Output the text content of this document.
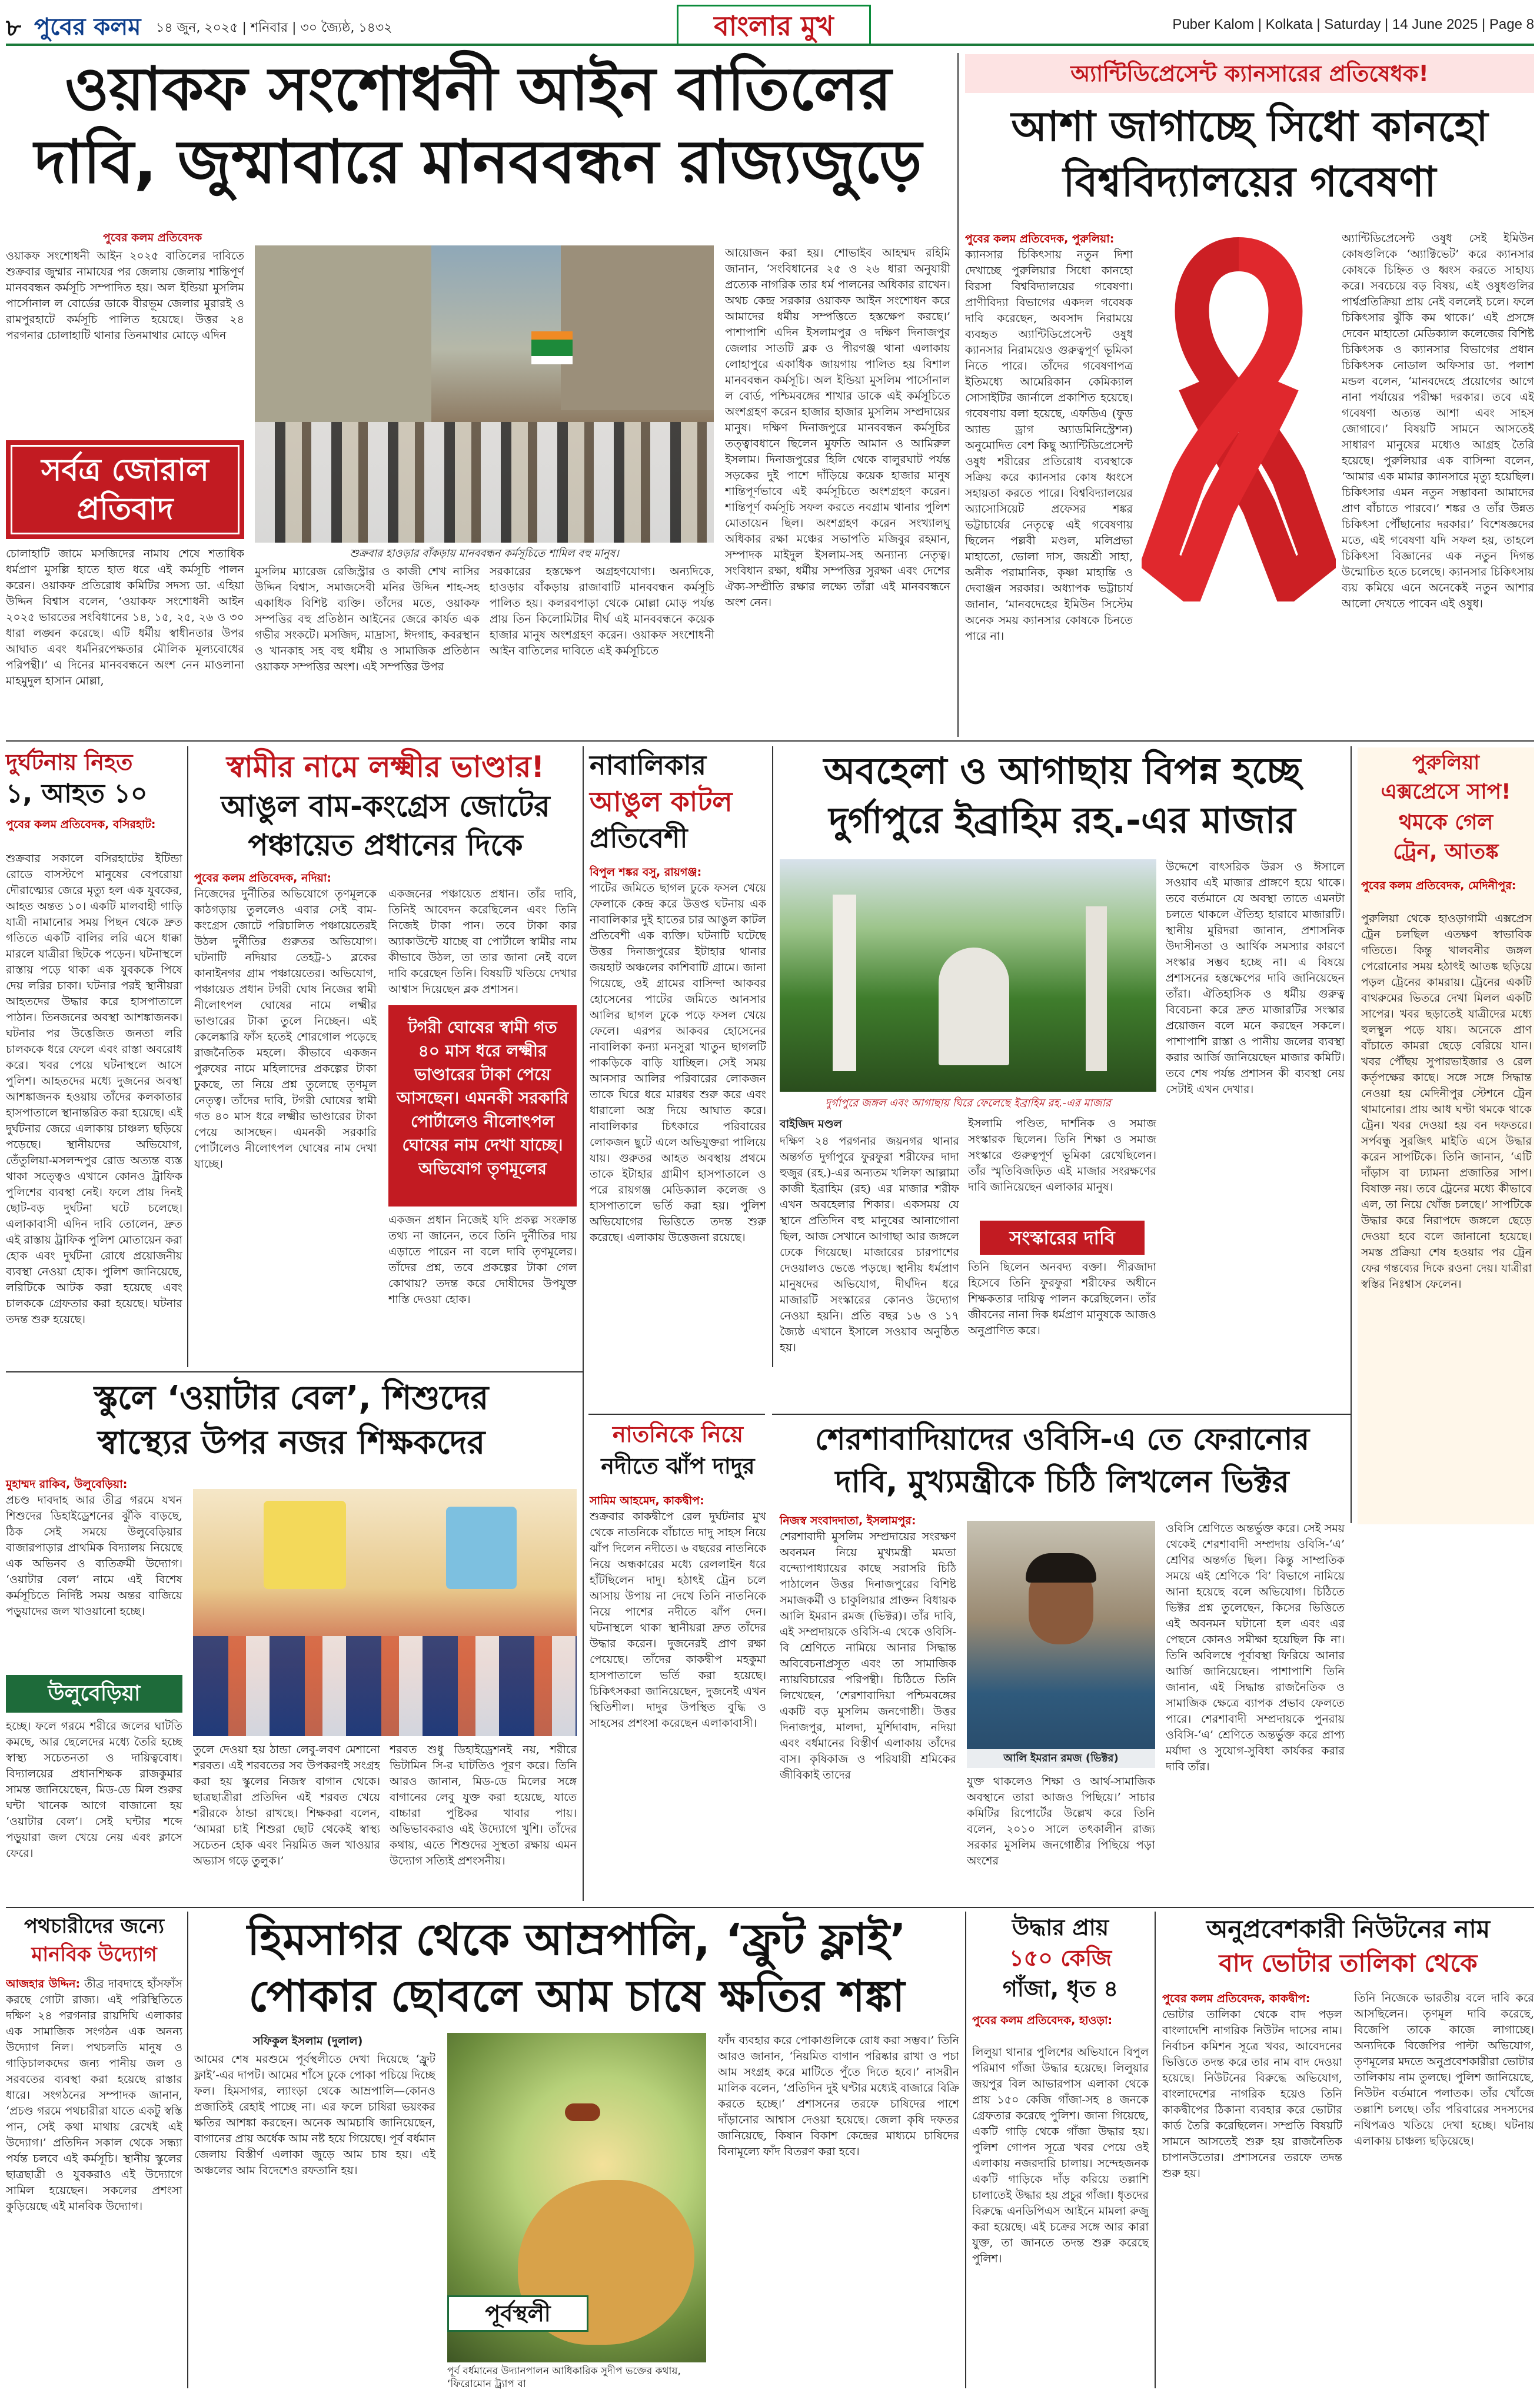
৮ পুবের কলম ১৪ জুন, ২০২৫ | শনিবার | ৩০ জ্যৈষ্ঠ, ১৪৩২	বাংলার মুখ	Puber Kalom | Kolkata | Saturday | 14 June 2025 | Page 8
ওয়াকফ সংশোধনী আইন বাতিলের
দাবি, জুম্মাবারে মানববন্ধন রাজ্যজুড়ে
পুবের কলম প্রতিবেদক
ওয়াকফ সংশোধনী আইন ২০২৫ বাতিলের দাবিতে শুক্রবার জুম্মার নামাযের পর জেলায় জেলায় শান্তিপূর্ণ মানববন্ধন কর্মসূচি সম্পাদিত হয়। অল ইন্ডিয়া মুসলিম পার্সোনাল ল বোর্ডের ডাকে বীরভূম জেলার মুরারই ও রামপুরহাটে কর্মসূচি পালিত হয়েছে। উত্তর ২৪ পরগনার চোলাহাটি থানার তিনমাথার মোড়ে এদিন
সর্বত্র জোরাল প্রতিবাদ
চোলাহাটি জামে মসজিদের নামায শেষে শতাধিক ধর্মপ্রাণ মুসল্লি হাতে হাত ধরে এই কর্মসূচি পালন করেন। ওয়াকফ প্রতিরোধ কমিটির সদস্য ডা. এহিয়া উদ্দিন বিশ্বাস বলেন, ‘ওয়াকফ সংশোধনী আইন ২০২৫ ভারতের সংবিধানের ১৪, ১৫, ২৫, ২৬ ও ৩০ ধারা লঙ্ঘন করেছে। এটি ধর্মীয় স্বাধীনতার উপর আঘাত এবং ধর্মনিরপেক্ষতার মৌলিক মূল্যবোধের পরিপন্থী।’ এ দিনের মানববন্ধনে অংশ নেন মাওলানা মাহমুদুল হাসান মোল্লা,
শুক্রবার হাওড়ার বাঁকড়ায় মানববন্ধন কর্মসূচিতে শামিল বহু মানুষ।
মুসলিম ম্যারেজ রেজিস্ট্রার ও কাজী শেখ নাসির উদ্দিন বিশ্বাস, সমাজসেবী মনির উদ্দিন শাহ-সহ একাধিক বিশিষ্ট ব্যক্তি। তাঁদের মতে, ওয়াকফ সম্পত্তির বহু প্রতিষ্ঠান আইনের জেরে কার্যত এক গভীর সংকটে। মসজিদ, মাদ্রাসা, ঈদগাহ, কবরস্থান ও খানকাহ সহ বহু ধর্মীয় ও সামাজিক প্রতিষ্ঠান ওয়াকফ সম্পত্তির অংশ। এই সম্পত্তির উপর
সরকারের হস্তক্ষেপ অগ্রহণযোগ্য। অন্যদিকে, হাওড়ার বাঁকড়ায় রাজাবাটি মানববন্ধন কর্মসূচি পালিত হয়। কলরবপাড়া থেকে মোল্লা মোড় পর্যন্ত প্রায় তিন কিলোমিটার দীর্ঘ এই মানববন্ধনে কয়েক হাজার মানুষ অংশগ্রহণ করেন। ওয়াকফ সংশোধনী আইন বাতিলের দাবিতে এই কর্মসূচিতে
আয়োজন করা হয়। শোভাইব আহম্মদ রহিমি জানান, ‘সংবিধানের ২৫ ও ২৬ ধারা অনুযায়ী প্রত্যেক নাগরিক তার ধর্ম পালনের অধিকার রাখেন। অথচ কেন্দ্র সরকার ওয়াকফ আইন সংশোধন করে আমাদের ধর্মীয় সম্পত্তিতে হস্তক্ষেপ করছে।’ পাশাপাশি এদিন ইসলামপুর ও দক্ষিণ দিনাজপুর জেলার সাতটি ব্লক ও পীরগঞ্জ থানা এলাকায় লোহাপুরে একাধিক জায়গায় পালিত হয় বিশাল মানববন্ধন কর্মসূচি। অল ইন্ডিয়া মুসলিম পার্সোনাল ল বোর্ড, পশ্চিমবঙ্গের শাখার ডাকে এই কর্মসূচিতে অংশগ্রহণ করেন হাজার হাজার মুসলিম সম্প্রদায়ের মানুষ। দক্ষিণ দিনাজপুরে মানববন্ধন কর্মসূচির তত্ত্বাবধানে ছিলেন মুফতি আমান ও আমিরুল ইসলাম। দিনাজপুরের হিলি থেকে বালুরঘাট পর্যন্ত সড়কের দুই পাশে দাঁড়িয়ে কয়েক হাজার মানুষ শান্তিপূর্ণভাবে এই কর্মসূচিতে অংশগ্রহণ করেন। শান্তিপূর্ণ কর্মসূচি সফল করতে নবগ্রাম থানার পুলিশ মোতায়েন ছিল। অংশগ্রহণ করেন সংখ্যালঘু অধিকার রক্ষা মঞ্চের সভাপতি মজিবুর রহমান, সম্পাদক মাইদুল ইসলাম-সহ অন্যান্য নেতৃত্ব। সংবিধান রক্ষা, ধর্মীয় সম্পত্তির সুরক্ষা এবং দেশের ঐক্য-সম্প্রীতি রক্ষার লক্ষ্যে তাঁরা এই মানববন্ধনে অংশ নেন।
অ্যান্টিডিপ্রেসেন্ট ক্যানসারের প্রতিষেধক!
আশা জাগাচ্ছে সিধো কানহো
বিশ্ববিদ্যালয়ের গবেষণা
পুবের কলম প্রতিবেদক, পুরুলিয়া:
ক্যানসার চিকিৎসায় নতুন দিশা দেখাচ্ছে পুরুলিয়ার সিধো কানহো বিরসা বিশ্ববিদ্যালয়ের গবেষণা। প্রাণীবিদ্যা বিভাগের একদল গবেষক দাবি করেছেন, অবসাদ নিরাময়ে ব্যবহৃত অ্যান্টিডিপ্রেসেন্ট ওষুধ ক্যানসার নিরাময়েও গুরুত্বপূর্ণ ভূমিকা নিতে পারে। তাঁদের গবেষণাপত্র ইতিমধ্যে আমেরিকান কেমিক্যাল সোসাইটির জার্নালে প্রকাশিত হয়েছে। গবেষণায় বলা হয়েছে, এফডিএ (ফুড অ্যান্ড ড্রাগ অ্যাডমিনিস্ট্রেশন) অনুমোদিত বেশ কিছু অ্যান্টিডিপ্রেসেন্ট ওষুধ শরীরের প্রতিরোধ ব্যবস্থাকে সক্রিয় করে ক্যানসার কোষ ধ্বংসে সহায়তা করতে পারে। বিশ্ববিদ্যালয়ের অ্যাসোসিয়েট প্রফেসর শঙ্কর ভট্টাচার্যের নেতৃত্বে এই গবেষণায় ছিলেন পল্লবী মণ্ডল, মলিপ্রভা মাহাতো, ভোলা দাস, জয়শ্রী সাহা, অনীক পরামানিক, কৃষ্ণা মাহান্তি ও দেবাঞ্জন সরকার। অধ্যাপক ভট্টাচার্য জানান, ‘মানবদেহের ইমিউন সিস্টেম অনেক সময় ক্যানসার কোষকে চিনতে পারে না।
অ্যান্টিডিপ্রেসেন্ট ওষুধ সেই ইমিউন কোষগুলিকে ‘অ্যাক্টিভেট’ করে ক্যানসার কোষকে চিহ্নিত ও ধ্বংস করতে সাহায্য করে। সবচেয়ে বড় বিষয়, এই ওষুধগুলির পার্শ্বপ্রতিক্রিয়া প্রায় নেই বললেই চলে। ফলে চিকিৎসার ঝুঁকি কম থাকে।’ এই প্রসঙ্গে দেবেন মাহাতো মেডিক্যাল কলেজের বিশিষ্ট চিকিৎসক ও ক্যানসার বিভাগের প্রধান চিকিৎসক নোডাল অফিসার ডা. পলাশ মন্ডল বলেন, ‘মানবদেহে প্রয়োগের আগে নানা পর্যায়ের পরীক্ষা দরকার। তবে এই গবেষণা অত্যন্ত আশা এবং সাহস জোগাবে।’ বিষয়টি সামনে আসতেই সাধারণ মানুষের মধ্যেও আগ্রহ তৈরি হয়েছে। পুরুলিয়ার এক বাসিন্দা বলেন, ‘আমার এক মামার ক্যানসারে মৃত্যু হয়েছিল। চিকিৎসার এমন নতুন সম্ভাবনা আমাদের প্রাণ বাঁচাতে পারবে।’ শঙ্কর ও তাঁর উন্নত চিকিৎসা পৌঁছানোর দরকার।’ বিশেষজ্ঞদের মতে, এই গবেষণা যদি সফল হয়, তাহলে চিকিৎসা বিজ্ঞানের এক নতুন দিগন্ত উন্মোচিত হতে চলেছে। ক্যানসার চিকিৎসায় ব্যয় কমিয়ে এনে অনেকেই নতুন আশার আলো দেখতে পাবেন এই ওষুধ।
দুর্ঘটনায় নিহত
১, আহত ১০
পুবের কলম প্রতিবেদক, বসিরহাট:
শুক্রবার সকালে বসিরহাটের ইটিন্ডা রোডে বাসস্টপে মানুষের বেপরোয়া দৌরাত্ম্যের জেরে মৃত্যু হল এক যুবকের, আহত অন্তত ১০। একটি মালবাহী গাড়ি যাত্রী নামানোর সময় পিছন থেকে দ্রুত গতিতে একটি বালির লরি এসে ধাক্কা মারলে যাত্রীরা ছিটকে পড়েন। ঘটনাস্থলে রাস্তায় পড়ে থাকা এক যুবককে পিষে দেয় লরির চাকা। ঘটনার পরই স্থানীয়রা আহতদের উদ্ধার করে হাসপাতালে পাঠান। তিনজনের অবস্থা আশঙ্কাজনক। ঘটনার পর উত্তেজিত জনতা লরি চালককে ধরে ফেলে এবং রাস্তা অবরোধ করে। খবর পেয়ে ঘটনাস্থলে আসে পুলিশ। আহতদের মধ্যে দুজনের অবস্থা আশঙ্কাজনক হওয়ায় তাঁদের কলকাতার হাসপাতালে স্থানান্তরিত করা হয়েছে। এই দুর্ঘটনার জেরে এলাকায় চাঞ্চল্য ছড়িয়ে পড়েছে। স্থানীয়দের অভিযোগ, তেঁতুলিয়া-মসলন্দপুর রোড অত্যন্ত ব্যস্ত থাকা সত্ত্বেও এখানে কোনও ট্রাফিক পুলিশের ব্যবস্থা নেই। ফলে প্রায় দিনই ছোট-বড় দুর্ঘটনা ঘটে চলেছে। এলাকাবাসী এদিন দাবি তোলেন, দ্রুত এই রাস্তায় ট্রাফিক পুলিশ মোতায়েন করা হোক এবং দুর্ঘটনা রোধে প্রয়োজনীয় ব্যবস্থা নেওয়া হোক। পুলিশ জানিয়েছে, লরিটিকে আটক করা হয়েছে এবং চালককে গ্রেফতার করা হয়েছে। ঘটনার তদন্ত শুরু হয়েছে।
স্বামীর নামে লক্ষ্মীর ভাণ্ডার!
আঙুল বাম-কংগ্রেস জোটের
পঞ্চায়েত প্রধানের দিকে
পুবের কলম প্রতিবেদক, নদিয়া:
নিজেদের দুর্নীতির অভিযোগে তৃণমূলকে কাঠগড়ায় তুললেও এবার সেই বাম-কংগ্রেস জোটে পরিচালিত পঞ্চায়েতেরই উঠল দুর্নীতির গুরুতর অভিযোগ। ঘটনাটি নদিয়ার তেহট্ট-১ ব্লকের কানাইনগর গ্রাম পঞ্চায়েতের। অভিযোগ, পঞ্চায়েত প্রধান টগরী ঘোষ নিজের স্বামী নীলোৎপল ঘোষের নামে লক্ষ্মীর ভাণ্ডারের টাকা তুলে নিচ্ছেন। এই কেলেঙ্কারি ফাঁস হতেই শোরগোল পড়েছে রাজনৈতিক মহলে। কীভাবে একজন পুরুষের নামে মহিলাদের প্রকল্পের টাকা ঢুকছে, তা নিয়ে প্রশ্ন তুলেছে তৃণমূল নেতৃত্ব। তাঁদের দাবি, টগরী ঘোষের স্বামী গত ৪০ মাস ধরে লক্ষ্মীর ভাণ্ডারের টাকা পেয়ে আসছেন। এমনকী সরকারি পোর্টালেও নীলোৎপল ঘোষের নাম দেখা যাচ্ছে।
একজনের পঞ্চায়েত প্রধান। তাঁর দাবি, তিনিই আবেদন করেছিলেন এবং তিনি নিজেই টাকা পান। তবে টাকা কার অ্যাকাউন্টে যাচ্ছে বা পোর্টালে স্বামীর নাম কীভাবে উঠল, তা তার জানা নেই বলে দাবি করেছেন তিনি। বিষয়টি খতিয়ে দেখার আশ্বাস দিয়েছেন ব্লক প্রশাসন।
টগরী ঘোষের স্বামী গত ৪০ মাস ধরে লক্ষ্মীর ভাণ্ডারের টাকা পেয়ে আসছেন। এমনকী সরকারি পোর্টালেও নীলোৎপল ঘোষের নাম দেখা যাচ্ছে। অভিযোগ তৃণমূলের
একজন প্রধান নিজেই যদি প্রকল্প সংক্রান্ত তথ্য না জানেন, তবে তিনি দুর্নীতির দায় এড়াতে পারেন না বলে দাবি তৃণমূলের। তাঁদের প্রশ্ন, তবে প্রকল্পের টাকা গেল কোথায়? তদন্ত করে দোষীদের উপযুক্ত শাস্তি দেওয়া হোক।
নাবালিকার
আঙুল কাটল
প্রতিবেশী
বিপুল শঙ্কর বসু, রায়গঞ্জ:
পাটের জমিতে ছাগল ঢুকে ফসল খেয়ে ফেলাকে কেন্দ্র করে উত্তপ্ত ঘটনায় এক নাবালিকার দুই হাতের চার আঙুল কাটল প্রতিবেশী এক ব্যক্তি। ঘটনাটি ঘটেছে উত্তর দিনাজপুরের ইটাহার থানার জয়হাট অঞ্চলের কাশিবাটি গ্রামে। জানা গিয়েছে, ওই গ্রামের বাসিন্দা আকবর হোসেনের পাটের জমিতে আনসার আলির ছাগল ঢুকে পড়ে ফসল খেয়ে ফেলে। এরপর আকবর হোসেনের নাবালিকা কন্যা মনসুরা খাতুন ছাগলটি পাকড়িকে বাড়ি যাচ্ছিল। সেই সময় আনসার আলির পরিবারের লোকজন তাকে ঘিরে ধরে মারধর শুরু করে এবং ধারালো অস্ত্র দিয়ে আঘাত করে। নাবালিকার চিৎকারে পরিবারের লোকজন ছুটে এলে অভিযুক্তরা পালিয়ে যায়। গুরুতর আহত অবস্থায় প্রথমে তাকে ইটাহার গ্রামীণ হাসপাতালে ও পরে রায়গঞ্জ মেডিক্যাল কলেজ ও হাসপাতালে ভর্তি করা হয়। পুলিশ অভিযোগের ভিত্তিতে তদন্ত শুরু করেছে। এলাকায় উত্তেজনা রয়েছে।
অবহেলা ও আগাছায় বিপন্ন হচ্ছে
দুর্গাপুরে ইব্রাহিম রহ.-এর মাজার
দুর্গাপুরে জঙ্গল এবং আগাছায় ঘিরে ফেলেছে ইব্রাহিম রহ.-এর মাজার
বাইজিদ মণ্ডল
দক্ষিণ ২৪ পরগনার জয়নগর থানার অন্তর্গত দুর্গাপুরে ফুরফুরা শরীফের দাদা হুজুর (রহ.)-এর অন্যতম খলিফা আল্লামা কাজী ইব্রাহিম (রহ) এর মাজার শরীফ এখন অবহেলার শিকার। একসময় যে স্থানে প্রতিদিন বহু মানুষের আনাগোনা ছিল, আজ সেখানে আগাছা আর জঙ্গলে ঢেকে গিয়েছে। মাজারের চারপাশের দেওয়ালও ভেঙে পড়ছে। স্থানীয় ধর্মপ্রাণ মানুষদের অভিযোগ, দীর্ঘদিন ধরে মাজারটি সংস্কারের কোনও উদ্যোগ নেওয়া হয়নি। প্রতি বছর ১৬ ও ১৭ জ্যৈষ্ঠ এখানে ইসালে সওয়াব অনুষ্ঠিত হয়।
ইসলামি পণ্ডিত, দার্শনিক ও সমাজ সংস্কারক ছিলেন। তিনি শিক্ষা ও সমাজ সংস্কারে গুরুত্বপূর্ণ ভূমিকা রেখেছিলেন। তাঁর স্মৃতিবিজড়িত এই মাজার সংরক্ষণের দাবি জানিয়েছেন এলাকার মানুষ।
সংস্কারের দাবি
তিনি ছিলেন অনবদ্য বক্তা। পীরজাদা হিসেবে তিনি ফুরফুরা শরীফের অধীনে শিক্ষকতার দায়িত্ব পালন করেছিলেন। তাঁর জীবনের নানা দিক ধর্মপ্রাণ মানুষকে আজও অনুপ্রাণিত করে।
উদ্দেশে বাৎসরিক উরস ও ঈসালে সওয়াব এই মাজার প্রাঙ্গণে হয়ে থাকে। তবে বর্তমানে যে অবস্থা তাতে এমনটা চলতে থাকলে ঐতিহ্য হারাবে মাজারটি। স্থানীয় মুরিদরা জানান, প্রশাসনিক উদাসীনতা ও আর্থিক সমস্যার কারণে সংস্কার সম্ভব হচ্ছে না। এ বিষয়ে প্রশাসনের হস্তক্ষেপের দাবি জানিয়েছেন তাঁরা। ঐতিহাসিক ও ধর্মীয় গুরুত্ব বিবেচনা করে দ্রুত মাজারটির সংস্কার প্রয়োজন বলে মনে করছেন সকলে। পাশাপাশি রাস্তা ও পানীয় জলের ব্যবস্থা করার আর্জি জানিয়েছেন মাজার কমিটি। তবে শেষ পর্যন্ত প্রশাসন কী ব্যবস্থা নেয় সেটাই এখন দেখার।
পুরুলিয়া
এক্সপ্রেসে সাপ!
থমকে গেল
ট্রেন, আতঙ্ক
পুবের কলম প্রতিবেদক, মেদিনীপুর:
পুরুলিয়া থেকে হাওড়াগামী এক্সপ্রেস ট্রেন চলছিল এতক্ষণ স্বাভাবিক গতিতে। কিন্তু খালবনীর জঙ্গল পেরোনোর সময় হঠাৎই আতঙ্ক ছড়িয়ে পড়ল ট্রেনের কামরায়। ট্রেনের একটি বাথরুমের ভিতরে দেখা মিলল একটি সাপের। খবর ছড়াতেই যাত্রীদের মধ্যে হুলস্থুল পড়ে যায়। অনেকে প্রাণ বাঁচাতে কামরা ছেড়ে বেরিয়ে যান। খবর পৌঁছয় সুপারভাইজার ও রেল কর্তৃপক্ষের কাছে। সঙ্গে সঙ্গে সিদ্ধান্ত নেওয়া হয় মেদিনীপুর স্টেশনে ট্রেন থামানোর। প্রায় আধ ঘণ্টা থমকে থাকে ট্রেন। খবর দেওয়া হয় বন দফতরে। সর্পবন্ধু সুরজিৎ মাইতি এসে উদ্ধার করেন সাপটিকে। তিনি জানান, ‘এটি দাঁড়াস বা ঢ্যামনা প্রজাতির সাপ। বিষাক্ত নয়। তবে ট্রেনের মধ্যে কীভাবে এল, তা নিয়ে খোঁজ চলছে।’ সাপটিকে উদ্ধার করে নিরাপদে জঙ্গলে ছেড়ে দেওয়া হবে বলে জানানো হয়েছে। সমস্ত প্রক্রিয়া শেষ হওয়ার পর ট্রেন ফের গন্তব্যের দিকে রওনা দেয়। যাত্রীরা স্বস্তির নিঃশ্বাস ফেলেন।
স্কুলে ‘ওয়াটার বেল’, শিশুদের
স্বাস্থ্যের উপর নজর শিক্ষকদের
মুহাম্মদ রাকিব, উলুবেড়িয়া:
প্রচণ্ড দাবদাহ আর তীব্র গরমে যখন শিশুদের ডিহাইড্রেশনের ঝুঁকি বাড়ছে, ঠিক সেই সময়ে উলুবেড়িয়ার বাজারপাড়ার প্রাথমিক বিদ্যালয় নিয়েছে এক অভিনব ও ব্যতিক্রমী উদ্যোগ। ‘ওয়াটার বেল’ নামে এই বিশেষ কর্মসূচিতে নির্দিষ্ট সময় অন্তর বাজিয়ে পড়ুয়াদের জল খাওয়ানো হচ্ছে।
উলুবেড়িয়া
হচ্ছে। ফলে গরমে শরীরে জলের ঘাটতি কমছে, আর ছেলেদের মধ্যে তৈরি হচ্ছে স্বাস্থ্য সচেতনতা ও দায়িত্ববোধ। বিদ্যালয়ের প্রধানশিক্ষক রাজকুমার সামন্ত জানিয়েছেন, মিড-ডে মিল শুরুর ঘন্টা খানেক আগে বাজানো হয় ‘ওয়াটার বেল’। সেই ঘন্টার শব্দে পড়ুয়ারা জল খেয়ে নেয় এবং ক্লাসে ফেরে।
তুলে দেওয়া হয় ঠান্ডা লেবু-লবণ মেশানো শরবত। এই শরবতের সব উপকরণই সংগ্রহ করা হয় স্কুলের নিজস্ব বাগান থেকে। ছাত্রছাত্রীরা প্রতিদিন এই শরবত খেয়ে শরীরকে ঠান্ডা রাখছে। শিক্ষকরা বলেন, ‘আমরা চাই শিশুরা ছোট থেকেই স্বাস্থ্য সচেতন হোক এবং নিয়মিত জল খাওয়ার অভ্যাস গড়ে তুলুক।’
শরবত শুধু ডিহাইড্রেশনই নয়, শরীরে ভিটামিন সি-র ঘাটতিও পূরণ করে। তিনি আরও জানান, মিড-ডে মিলের সঙ্গে বাগানের লেবু যুক্ত করা হয়েছে, যাতে বাচ্চারা পুষ্টিকর খাবার পায়। অভিভাবকরাও এই উদ্যোগে খুশি। তাঁদের কথায়, এতে শিশুদের সুস্থতা রক্ষায় এমন উদ্যোগ সত্যিই প্রশংসনীয়।
নাতনিকে নিয়ে
নদীতে ঝাঁপ দাদুর
সামিম আহমেদ, কাকদ্বীপ:
শুক্রবার কাকদ্বীপে রেল দুর্ঘটনার মুখ থেকে নাতনিকে বাঁচাতে দাদু সাহস নিয়ে ঝাঁপ দিলেন নদীতে। ৬ বছরের নাতনিকে নিয়ে অন্ধকারের মধ্যে রেললাইন ধরে হাঁটছিলেন দাদু। হঠাৎই ট্রেন চলে আসায় উপায় না দেখে তিনি নাতনিকে নিয়ে পাশের নদীতে ঝাঁপ দেন। ঘটনাস্থলে থাকা স্থানীয়রা দ্রুত তাঁদের উদ্ধার করেন। দুজনেরই প্রাণ রক্ষা পেয়েছে। তাঁদের কাকদ্বীপ মহকুমা হাসপাতালে ভর্তি করা হয়েছে। চিকিৎসকরা জানিয়েছেন, দুজনেই এখন স্থিতিশীল। দাদুর উপস্থিত বুদ্ধি ও সাহসের প্রশংসা করেছেন এলাকাবাসী।
শেরশাবাদিয়াদের ওবিসি-এ তে ফেরানোর
দাবি, মুখ্যমন্ত্রীকে চিঠি লিখলেন ভিক্টর
নিজস্ব সংবাদদাতা, ইসলামপুর:
শেরশাবাদী মুসলিম সম্প্রদায়ের সংরক্ষণ অবনমন নিয়ে মুখ্যমন্ত্রী মমতা বন্দ্যোপাধ্যায়ের কাছে সরাসরি চিঠি পাঠালেন উত্তর দিনাজপুরের বিশিষ্ট সমাজকর্মী ও চাকুলিয়ার প্রাক্তন বিধায়ক আলি ইমরান রমজ (ভিক্টর)। তাঁর দাবি, এই সম্প্রদায়কে ওবিসি-এ থেকে ওবিসি-বি শ্রেণিতে নামিয়ে আনার সিদ্ধান্ত অবিবেচনাপ্রসূত এবং তা সামাজিক ন্যায়বিচারের পরিপন্থী। চিঠিতে তিনি লিখেছেন, ‘শেরশাবাদিয়া পশ্চিমবঙ্গের একটি বড় মুসলিম জনগোষ্ঠী। উত্তর দিনাজপুর, মালদা, মুর্শিদাবাদ, নদিয়া এবং বর্ধমানের বিস্তীর্ণ এলাকায় তাঁদের বাস। কৃষিকাজ ও পরিযায়ী শ্রমিকের জীবিকাই তাদের
আলি ইমরান রমজ (ভিক্টর)
যুক্ত থাকলেও শিক্ষা ও আর্থ-সামাজিক অবস্থানে তারা আজও পিছিয়ে।’ সাচার কমিটির রিপোর্টের উল্লেখ করে তিনি বলেন, ২০১০ সালে তৎকালীন রাজ্য সরকার মুসলিম জনগোষ্ঠীর পিছিয়ে পড়া অংশের
ওবিসি শ্রেণিতে অন্তর্ভুক্ত করে। সেই সময় থেকেই শেরশাবাদী সম্প্রদায় ওবিসি-‘এ’ শ্রেণির অন্তর্গত ছিল। কিন্তু সাম্প্রতিক সময়ে এই শ্রেণিকে ‘বি’ বিভাগে নামিয়ে আনা হয়েছে বলে অভিযোগ। চিঠিতে ভিক্টর প্রশ্ন তুলেছেন, কিসের ভিত্তিতে এই অবনমন ঘটানো হল এবং এর পেছনে কোনও সমীক্ষা হয়েছিল কি না। তিনি অবিলম্বে পূর্বাবস্থা ফিরিয়ে আনার আর্জি জানিয়েছেন। পাশাপাশি তিনি জানান, এই সিদ্ধান্ত রাজনৈতিক ও সামাজিক ক্ষেত্রে ব্যাপক প্রভাব ফেলতে পারে। শেরশাবাদী সম্প্রদায়কে পুনরায় ওবিসি-‘এ’ শ্রেণিতে অন্তর্ভুক্ত করে প্রাপ্য মর্যাদা ও সুযোগ-সুবিধা কার্যকর করার দাবি তাঁর।
পথচারীদের জন্যে
মানবিক উদ্যোগ
আজহার উদ্দিন: তীব্র দাবদাহে হাঁসফাঁস করছে গোটা রাজ্য। এই পরিস্থিতিতে দক্ষিণ ২৪ পরগনার রায়দিঘি এলাকার এক সামাজিক সংগঠন এক অনন্য উদ্যোগ নিল। পথচলতি মানুষ ও গাড়িচালকদের জন্য পানীয় জল ও সরবতের ব্যবস্থা করা হয়েছে রাস্তার ধারে। সংগঠনের সম্পাদক জানান, ‘প্রচণ্ড গরমে পথচারীরা যাতে একটু স্বস্তি পান, সেই কথা মাথায় রেখেই এই উদ্যোগ।’ প্রতিদিন সকাল থেকে সন্ধ্যা পর্যন্ত চলবে এই কর্মসূচি। স্থানীয় স্কুলের ছাত্রছাত্রী ও যুবকরাও এই উদ্যোগে সামিল হয়েছেন। সকলের প্রশংসা কুড়িয়েছে এই মানবিক উদ্যোগ।
হিমসাগর থেকে আম্রপালি, ‘ফ্রুট ফ্লাই’
পোকার ছোবলে আম চাষে ক্ষতির শঙ্কা
সফিকুল ইসলাম (দুলাল)
আমের শেষ মরশুমে পূর্বস্থলীতে দেখা দিয়েছে ‘ফ্রুট ফ্লাই’-এর দাপট। আমের শাঁসে ঢুকে পোকা পচিয়ে দিচ্ছে ফল। হিমসাগর, ল্যাংড়া থেকে আম্রপালি—কোনও প্রজাতিই রেহাই পাচ্ছে না। এর ফলে চাষিরা ভয়ংকর ক্ষতির আশঙ্কা করছেন। অনেক আমচাষি জানিয়েছেন, বাগানের প্রায় অর্ধেক আম নষ্ট হয়ে গিয়েছে। পূর্ব বর্ধমান জেলায় বিস্তীর্ণ এলাকা জুড়ে আম চাষ হয়। এই অঞ্চলের আম বিদেশেও রফতানি হয়।
পূর্বস্থলী
পূর্ব বর্ধমানের উদ্যানপালন আধিকারিক সুদীপ ভক্তের কথায়, ‘ফিরোমোন ট্র্যাপ বা
ফাঁদ ব্যবহার করে পোকাগুলিকে রোধ করা সম্ভব।’ তিনি আরও জানান, ‘নিয়মিত বাগান পরিষ্কার রাখা ও পচা আম সংগ্রহ করে মাটিতে পুঁতে দিতে হবে।’ নাসরীন মালিক বলেন, ‘প্রতিদিন দুই ঘণ্টার মধ্যেই বাজারে বিক্রি করতে হচ্ছে।’ প্রশাসনের তরফে চাষিদের পাশে দাঁড়ানোর আশ্বাস দেওয়া হয়েছে। জেলা কৃষি দফতর জানিয়েছে, কিষান বিকাশ কেন্দ্রের মাধ্যমে চাষিদের বিনামূল্যে ফাঁদ বিতরণ করা হবে।
উদ্ধার প্রায়
১৫০ কেজি
গাঁজা, ধৃত ৪
পুবের কলম প্রতিবেদক, হাওড়া:
লিলুয়া থানার পুলিশের অভিযানে বিপুল পরিমাণ গাঁজা উদ্ধার হয়েছে। লিলুয়ার জয়পুর বিল আভারপাস এলাকা থেকে প্রায় ১৫০ কেজি গাঁজা-সহ ৪ জনকে গ্রেফতার করেছে পুলিশ। জানা গিয়েছে, একটি গাড়ি থেকে গাঁজা উদ্ধার হয়। পুলিশ গোপন সূত্রে খবর পেয়ে ওই এলাকায় নজরদারি চালায়। সন্দেহজনক একটি গাড়িকে দাঁড় করিয়ে তল্লাশি চালাতেই উদ্ধার হয় প্রচুর গাঁজা। ধৃতদের বিরুদ্ধে এনডিপিএস আইনে মামলা রুজু করা হয়েছে। এই চক্রের সঙ্গে আর কারা যুক্ত, তা জানতে তদন্ত শুরু করেছে পুলিশ।
অনুপ্রবেশকারী নিউটনের নাম
বাদ ভোটার তালিকা থেকে
পুবের কলম প্রতিবেদক, কাকদ্বীপ:
ভোটার তালিকা থেকে বাদ পড়ল বাংলাদেশি নাগরিক নিউটন দাসের নাম। নির্বাচন কমিশন সূত্রে খবর, আবেদনের ভিত্তিতে তদন্ত করে তার নাম বাদ দেওয়া হয়েছে। নিউটনের বিরুদ্ধে অভিযোগ, বাংলাদেশের নাগরিক হয়েও তিনি কাকদ্বীপের ঠিকানা ব্যবহার করে ভোটার কার্ড তৈরি করেছিলেন। সম্প্রতি বিষয়টি সামনে আসতেই শুরু হয় রাজনৈতিক চাপানউতোর। প্রশাসনের তরফে তদন্ত শুরু হয়।
তিনি নিজেকে ভারতীয় বলে দাবি করে আসছিলেন। তৃণমূল দাবি করেছে, বিজেপি তাকে কাজে লাগাচ্ছে। অন্যদিকে বিজেপির পাল্টা অভিযোগ, তৃণমূলের মদতে অনুপ্রবেশকারীরা ভোটার তালিকায় নাম তুলছে। পুলিশ জানিয়েছে, নিউটন বর্তমানে পলাতক। তাঁর খোঁজে তল্লাশি চলছে। তাঁর পরিবারের সদস্যদের নথিপত্রও খতিয়ে দেখা হচ্ছে। ঘটনায় এলাকায় চাঞ্চল্য ছড়িয়েছে।
